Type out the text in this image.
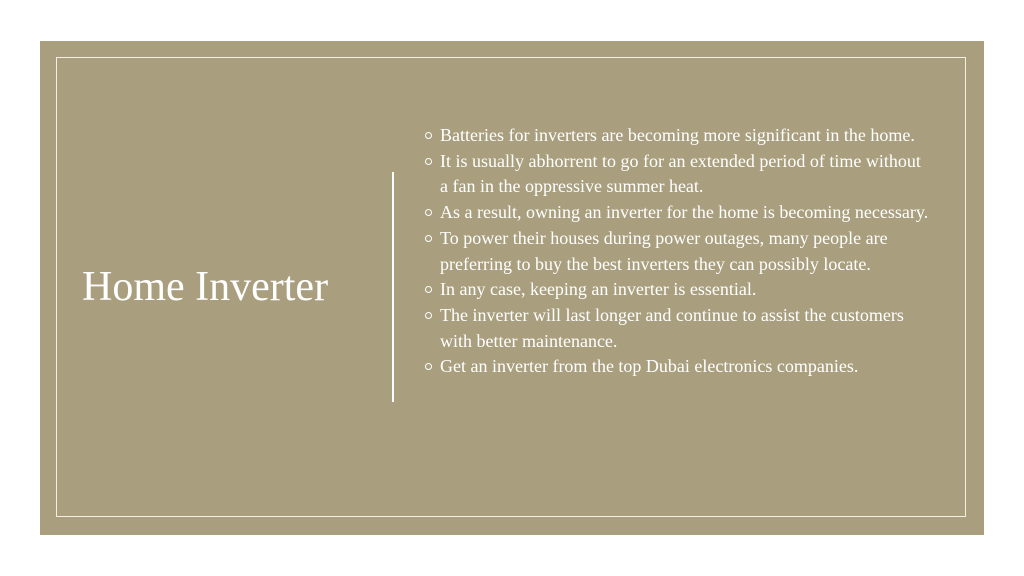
Home Inverter
Batteries for inverters are becoming more significant in the home.
It is usually abhorrent to go for an extended period of time without a fan in the oppressive summer heat.
As a result, owning an inverter for the home is becoming necessary.
To power their houses during power outages, many people are preferring to buy the best inverters they can possibly locate.
In any case, keeping an inverter is essential.
The inverter will last longer and continue to assist the customers with better maintenance.
Get an inverter from the top Dubai electronics companies.
